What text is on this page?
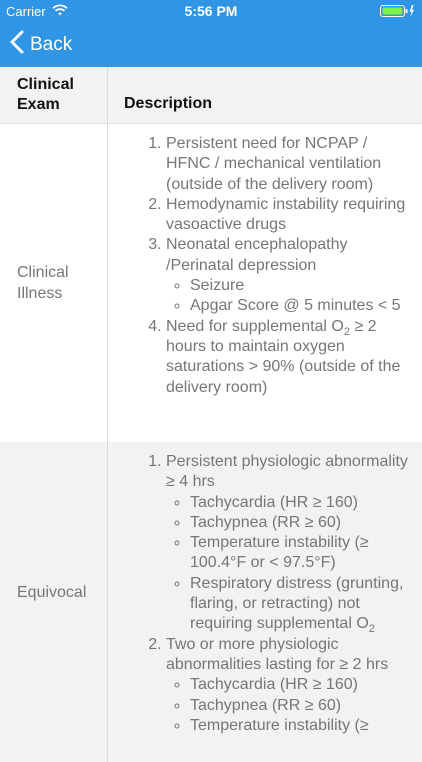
Carrier	5:56 PM
Back
Clinical Exam	Description
Clinical Illness
1. Persistent need for NCPAP / HFNC / mechanical ventilation (outside of the delivery room)
2. Hemodynamic instability requiring vasoactive drugs
3. Neonatal encephalopathy /Perinatal depression
◦ Seizure
◦ Apgar Score @ 5 minutes < 5
4. Need for supplemental $O_2 \ge 2$ hours to maintain oxygen saturations > 90% (outside of the delivery room)
Equivocal
1. Persistent physiologic abnormality ≥ 4 hrs
◦ Tachycardia (HR ≥ 160)
◦ Tachypnea (RR ≥ 60)
◦ Temperature instability (≥ 100.4°F or < 97.5°F)
◦ Respiratory distress (grunting, flaring, or retracting) not requiring supplemental $O_2$
2. Two or more physiologic abnormalities lasting for ≥ 2 hrs
◦ Tachycardia (HR ≥ 160)
◦ Tachypnea (RR ≥ 60)
◦ Temperature instability (≥
